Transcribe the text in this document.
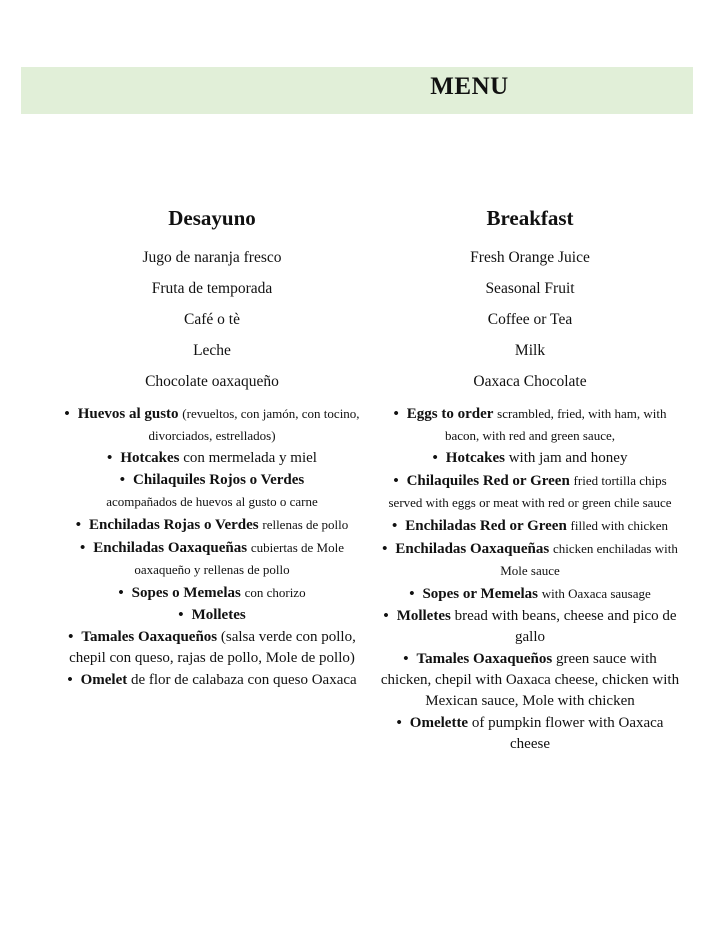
MENU
Desayuno
Jugo de naranja fresco
Fruta de temporada
Café o tè
Leche
Chocolate oaxaqueño
• Huevos al gusto (revueltos, con jamón, con tocino, divorciados, estrellados)
• Hotcakes con mermelada y miel
• Chilaquiles Rojos o Verdes
acompañados de huevos al gusto o carne
• Enchiladas Rojas o Verdes rellenas de pollo
• Enchiladas Oaxaqueñas cubiertas de Mole oaxaqueño y rellenas de pollo
• Sopes o Memelas con chorizo
• Molletes
• Tamales Oaxaqueños (salsa verde con pollo, chepil con queso, rajas de pollo, Mole de pollo)
• Omelet de flor de calabaza con queso Oaxaca
Breakfast
Fresh Orange Juice
Seasonal Fruit
Coffee or Tea
Milk
Oaxaca Chocolate
• Eggs to order scrambled, fried, with ham, with bacon, with red and green sauce,
• Hotcakes with jam and honey
• Chilaquiles Red or Green fried tortilla chips served with eggs or meat with red or green chile sauce
• Enchiladas Red or Green filled with chicken
• Enchiladas Oaxaqueñas chicken enchiladas with Mole sauce
• Sopes or Memelas with Oaxaca sausage
• Molletes bread with beans, cheese and pico de gallo
• Tamales Oaxaqueños green sauce with chicken, chepil with Oaxaca cheese, chicken with Mexican sauce, Mole with chicken
• Omelette of pumpkin flower with Oaxaca cheese
